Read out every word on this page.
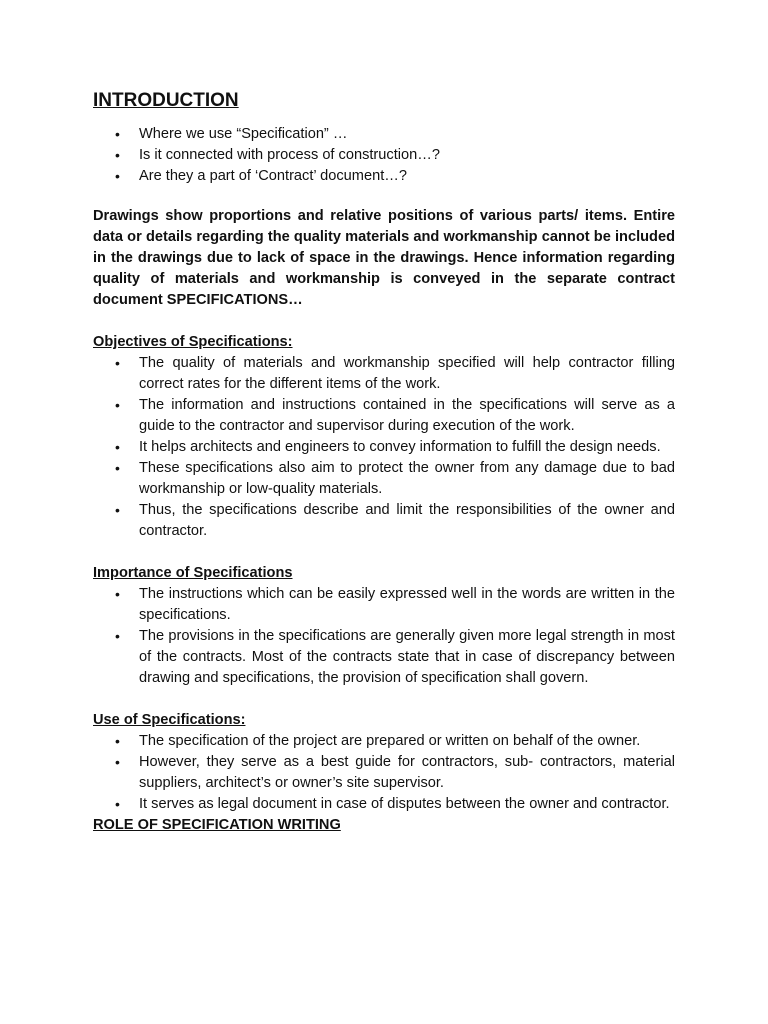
INTRODUCTION
• Where we use “Specification” …
• Is it connected with process of construction…?
• Are they a part of ‘Contract’ document…?

Drawings show proportions and relative positions of various parts/ items. Entire data or details regarding the quality materials and workmanship cannot be included in the drawings due to lack of space in the drawings. Hence information regarding quality of materials and workmanship is conveyed in the separate contract document SPECIFICATIONS…

Objectives of Specifications:
• The quality of materials and workmanship specified will help contractor filling correct rates for the different items of the work.
• The information and instructions contained in the specifications will serve as a guide to the contractor and supervisor during execution of the work.
• It helps architects and engineers to convey information to fulfill the design needs.
• These specifications also aim to protect the owner from any damage due to bad workmanship or low-quality materials.
• Thus, the specifications describe and limit the responsibilities of the owner and contractor.
Importance of Specifications
• The instructions which can be easily expressed well in the words are written in the specifications.
• The provisions in the specifications are generally given more legal strength in most of the contracts. Most of the contracts state that in case of discrepancy between drawing and specifications, the provision of specification shall govern.
Use of Specifications:
• The specification of the project are prepared or written on behalf of the owner.
• However, they serve as a best guide for contractors, sub- contractors, material suppliers, architect’s or owner’s site supervisor.
• It serves as legal document in case of disputes between the owner and contractor.
ROLE OF SPECIFICATION WRITING
